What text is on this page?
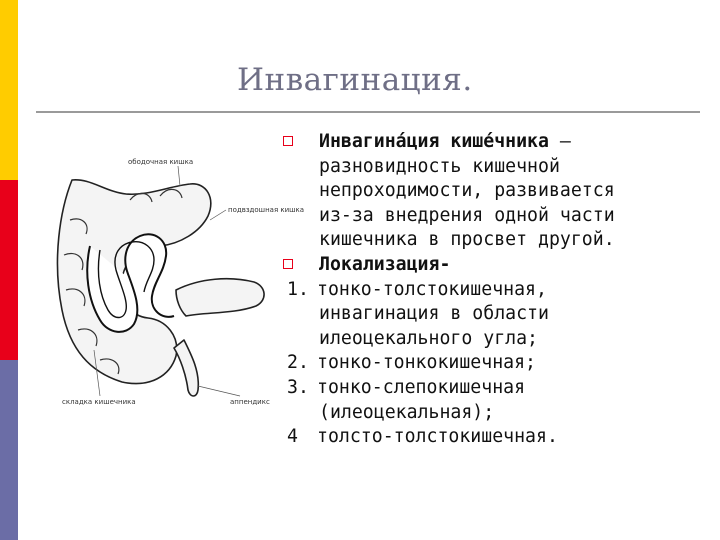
Инвагинация.
ободочная кишка
подвздошная кишка
складка кишечника	аппендикс
Инвагина́ция кише́чника —
разновидность кишечной
непроходимости, развивается
из-за внедрения одной части
кишечника в просвет другой.
Локализация-
1. тонко-толстокишечная,
инвагинация в области
илеоцекального угла;
2. тонко-тонкокишечная;
3. тонко-слепокишечная
(илеоцекальная);
4 толсто-толстокишечная.
